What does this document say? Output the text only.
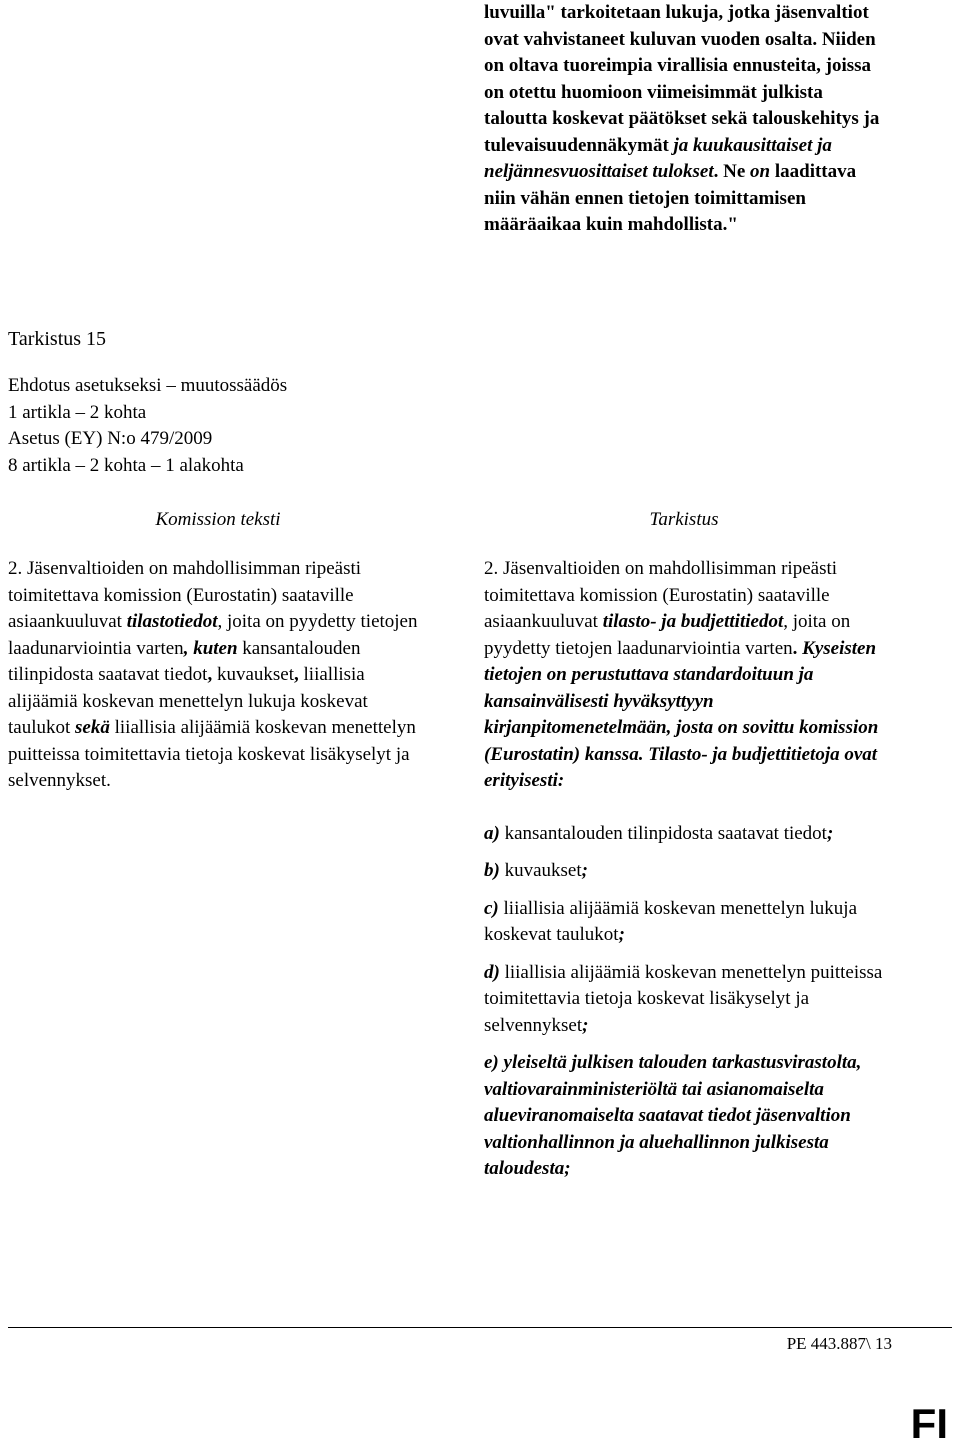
luvuilla" tarkoitetaan lukuja, jotka jäsenvaltiot ovat vahvistaneet kuluvan vuoden osalta. Niiden on oltava tuoreimpia virallisia ennusteita, joissa on otettu huomioon viimeisimmät julkista taloutta koskevat päätökset sekä talouskehitys ja tulevaisuudennäkymät ja kuukausittaiset ja neljännesvuosittaiset tulokset. Ne on laadittava niin vähän ennen tietojen toimittamisen määräaikaa kuin mahdollista."

Tarkistus 15
Ehdotus asetukseksi – muutossäädös
1 artikla – 2 kohta
Asetus (EY) N:o 479/2009
8 artikla – 2 kohta – 1 alakohta
Komission teksti	Tarkistus

2. Jäsenvaltioiden on mahdollisimman ripeästi toimitettava komission (Eurostatin) saataville asiaankuuluvat tilastotiedot, joita on pyydetty tietojen laadunarviointia varten, kuten kansantalouden tilinpidosta saatavat tiedot, kuvaukset, liiallisia alijäämiä koskevan menettelyn lukuja koskevat taulukot sekä liiallisia alijäämiä koskevan menettelyn puitteissa toimitettavia tietoja koskevat lisäkyselyt ja selvennykset.

2. Jäsenvaltioiden on mahdollisimman ripeästi toimitettava komission (Eurostatin) saataville asiaankuuluvat tilasto- ja budjettitiedot, joita on pyydetty tietojen laadunarviointia varten. Kyseisten tietojen on perustuttava standardoituun ja kansainvälisesti hyväksyttyyn kirjanpitomenetelmään, josta on sovittu komission (Eurostatin) kanssa. Tilasto- ja budjettitietoja ovat erityisesti:

a) kansantalouden tilinpidosta saatavat tiedot;

b) kuvaukset;

c) liiallisia alijäämiä koskevan menettelyn lukuja koskevat taulukot;

d) liiallisia alijäämiä koskevan menettelyn puitteissa toimitettavia tietoja koskevat lisäkyselyt ja selvennykset;

e) yleiseltä julkisen talouden tarkastusvirastolta, valtiovarainministeriöltä tai asianomaiselta alueviranomaiselta saatavat tiedot jäsenvaltion valtionhallinnon ja aluehallinnon julkisesta taloudesta;

PE 443.887\ 13
FI
